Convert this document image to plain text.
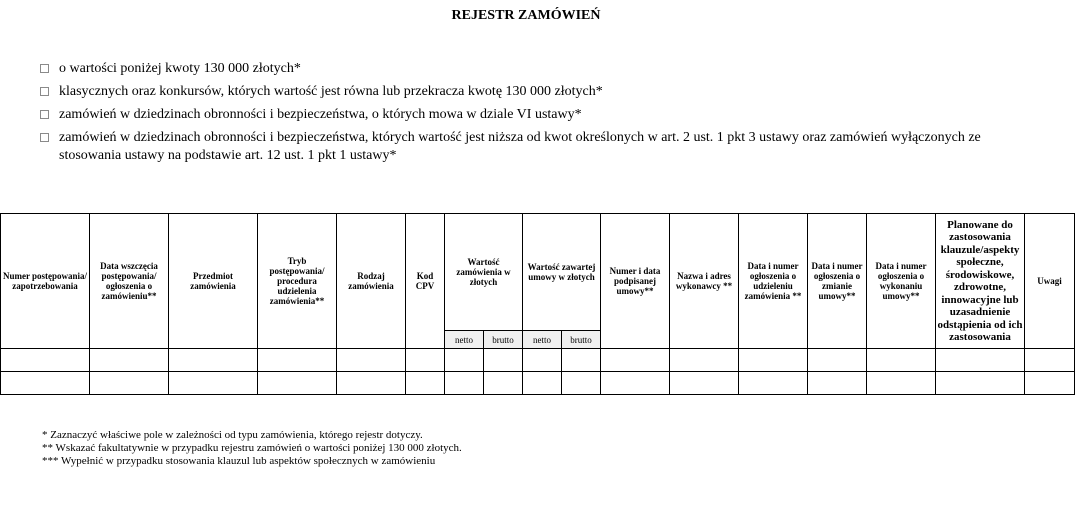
REJESTR ZAMÓWIEŃ
o wartości poniżej kwoty 130 000 złotych*
klasycznych oraz konkursów, których wartość jest równa lub przekracza kwotę 130 000 złotych*
zamówień w dziedzinach obronności i bezpieczeństwa, o których mowa w dziale VI ustawy*
zamówień w dziedzinach obronności i bezpieczeństwa, których wartość jest niższa od kwot określonych w art. 2 ust. 1 pkt 3 ustawy oraz zamówień wyłączonych ze stosowania ustawy na podstawie art. 12 ust. 1 pkt 1 ustawy*
Numer postępowania/ zapotrzebowania	Data wszczęcia postępowania/ ogłoszenia o zamówieniu**	Przedmiot zamówienia	Tryb postępowania/ procedura udzielenia zamówienia**	Rodzaj zamówienia	Kod CPV	Wartość zamówienia w złotych		Wartość zawartej umowy w złotych		Numer i data podpisanej umowy**	Nazwa i adres wykonawcy **	Data i numer ogłoszenia o udzieleniu zamówienia **	Data i numer ogłoszenia o zmianie umowy**	Data i numer ogłoszenia o wykonaniu umowy**	Planowane do zastosowania klauzule/aspekty społeczne, środowiskowe, zdrowotne, innowacyjne lub uzasadnienie odstąpienia od ich zastosowania	Uwagi
						netto	brutto	netto	brutto							

* Zaznaczyć właściwe pole w zależności od typu zamówienia, którego rejestr dotyczy.
** Wskazać fakultatywnie w przypadku rejestru zamówień o wartości poniżej 130 000 złotych.
*** Wypełnić w przypadku stosowania klauzul lub aspektów społecznych w zamówieniu
